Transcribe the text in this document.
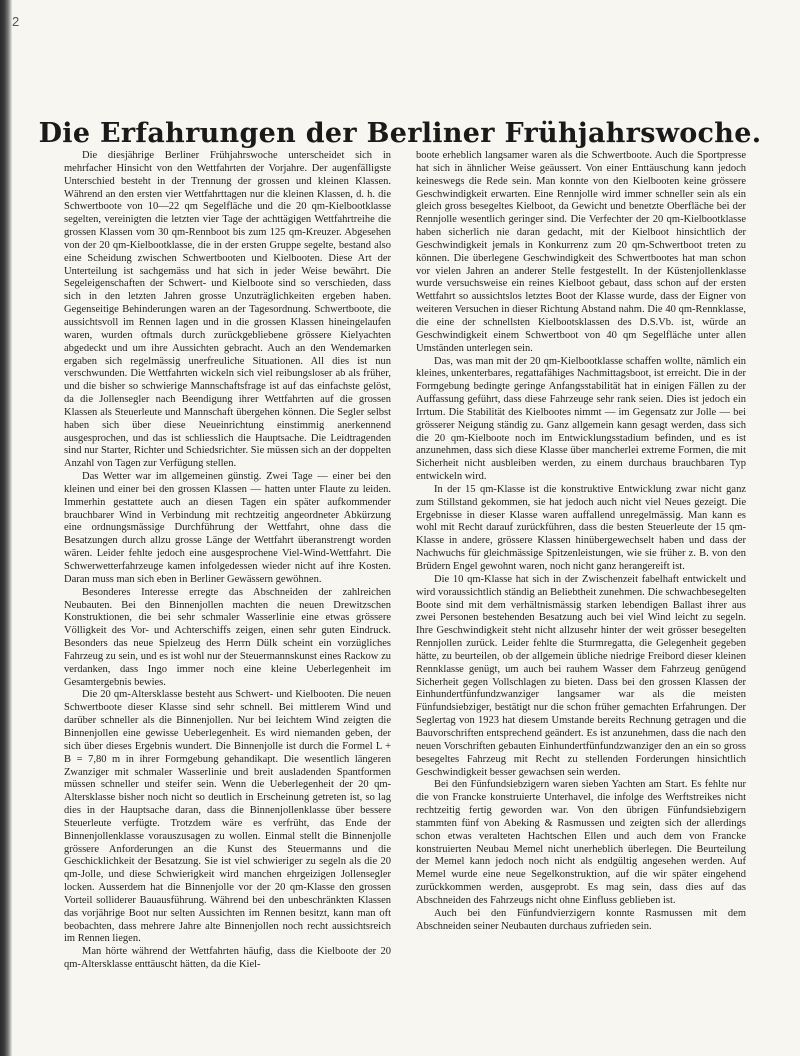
2
Die Erfahrungen der Berliner Frühjahrswoche.

Die diesjährige Berliner Frühjahrswoche unterscheidet sich in mehrfacher Hinsicht von den Wettfahrten der Vorjahre. Der augenfälligste Unterschied besteht in der Trennung der grossen und kleinen Klassen. Während an den ersten vier Wettfahrttagen nur die kleinen Klassen, d. h. die Schwertboote von 10—22 qm Segelfläche und die 20 qm-Kielbootklasse segelten, vereinigten die letzten vier Tage der achttägigen Wettfahrtreihe die grossen Klassen vom 30 qm-Rennboot bis zum 125 qm-Kreuzer. Abgesehen von der 20 qm-Kielbootklasse, die in der ersten Gruppe segelte, bestand also eine Scheidung zwischen Schwertbooten und Kielbooten. Diese Art der Unterteilung ist sachgemäss und hat sich in jeder Weise bewährt. Die Segeleigenschaften der Schwert- und Kielboote sind so verschieden, dass sich in den letzten Jahren grosse Unzuträglichkeiten ergeben haben. Gegenseitige Behinderungen waren an der Tagesordnung. Schwertboote, die aussichtsvoll im Rennen lagen und in die grossen Klassen hineingelaufen waren, wurden oftmals durch zurückgebliebene grössere Kielyachten abgedeckt und um ihre Aussichten gebracht. Auch an den Wendemarken ergaben sich regelmässig unerfreuliche Situationen. All dies ist nun verschwunden. Die Wettfahrten wickeln sich viel reibungsloser ab als früher, und die bisher so schwierige Mannschaftsfrage ist auf das einfachste gelöst, da die Jollensegler nach Beendigung ihrer Wettfahrten auf die grossen Klassen als Steuerleute und Mannschaft übergehen können. Die Segler selbst haben sich über diese Neueinrichtung einstimmig anerkennend ausgesprochen, und das ist schliesslich die Hauptsache. Die Leidtragenden sind nur Starter, Richter und Schiedsrichter. Sie müssen sich an der doppelten Anzahl von Tagen zur Verfügung stellen.

Das Wetter war im allgemeinen günstig. Zwei Tage — einer bei den kleinen und einer bei den grossen Klassen — hatten unter Flaute zu leiden. Immerhin gestattete auch an diesen Tagen ein später aufkommender brauchbarer Wind in Verbindung mit rechtzeitig angeordneter Abkürzung eine ordnungsmässige Durchführung der Wettfahrt, ohne dass die Besatzungen durch allzu grosse Länge der Wettfahrt überanstrengt worden wären. Leider fehlte jedoch eine ausgesprochene Viel-Wind-Wettfahrt. Die Schwerwetterfahrzeuge kamen infolgedessen wieder nicht auf ihre Kosten. Daran muss man sich eben in Berliner Gewässern gewöhnen.

Besonderes Interesse erregte das Abschneiden der zahlreichen Neubauten. Bei den Binnenjollen machten die neuen Drewitzschen Konstruktionen, die bei sehr schmaler Wasserlinie eine etwas grössere Völligkeit des Vor- und Achterschiffs zeigen, einen sehr guten Eindruck. Besonders das neue Spielzeug des Herrn Dülk scheint ein vorzügliches Fahrzeug zu sein, und es ist wohl nur der Steuermannskunst eines Rackow zu verdanken, dass Ingo immer noch eine kleine Ueberlegenheit im Gesamtergebnis bewies.

Die 20 qm-Altersklasse besteht aus Schwert- und Kielbooten. Die neuen Schwertboote dieser Klasse sind sehr schnell. Bei mittlerem Wind und darüber schneller als die Binnenjollen. Nur bei leichtem Wind zeigten die Binnenjollen eine gewisse Ueberlegenheit. Es wird niemanden geben, der sich über dieses Ergebnis wundert. Die Binnenjolle ist durch die Formel L + B = 7,80 m in ihrer Formgebung gehandikapt. Die wesentlich längeren Zwanziger mit schmaler Wasserlinie und breit ausladenden Spantformen müssen schneller und steifer sein. Wenn die Ueberlegenheit der 20 qm-Altersklasse bisher noch nicht so deutlich in Erscheinung getreten ist, so lag dies in der Hauptsache daran, dass die Binnenjollenklasse über bessere Steuerleute verfügte. Trotzdem wäre es verfrüht, das Ende der Binnenjollenklasse vorauszusagen zu wollen. Einmal stellt die Binnenjolle grössere Anforderungen an die Kunst des Steuermanns und die Geschicklichkeit der Besatzung. Sie ist viel schwieriger zu segeln als die 20 qm-Jolle, und diese Schwierigkeit wird manchen ehrgeizigen Jollensegler locken. Ausserdem hat die Binnenjolle vor der 20 qm-Klasse den grossen Vorteil solliderer Bauausführung. Während bei den unbeschränkten Klassen das vorjährige Boot nur selten Aussichten im Rennen besitzt, kann man oft beobachten, dass mehrere Jahre alte Binnenjollen noch recht aussichtsreich im Rennen liegen.

Man hörte während der Wettfahrten häufig, dass die Kielboote der 20 qm-Altersklasse enttäuscht hätten, da die Kiel-

boote erheblich langsamer waren als die Schwertboote. Auch die Sportpresse hat sich in ähnlicher Weise geäussert. Von einer Enttäuschung kann jedoch keineswegs die Rede sein. Man konnte von den Kielbooten keine grössere Geschwindigkeit erwarten. Eine Rennjolle wird immer schneller sein als ein gleich gross besegeltes Kielboot, da Gewicht und benetzte Oberfläche bei der Rennjolle wesentlich geringer sind. Die Verfechter der 20 qm-Kielbootklasse haben sicherlich nie daran gedacht, mit der Kielboot hinsichtlich der Geschwindigkeit jemals in Konkurrenz zum 20 qm-Schwertboot treten zu können. Die überlegene Geschwindigkeit des Schwertbootes hat man schon vor vielen Jahren an anderer Stelle festgestellt. In der Küstenjollenklasse wurde versuchsweise ein reines Kielboot gebaut, dass schon auf der ersten Wettfahrt so aussichtslos letztes Boot der Klasse wurde, dass der Eigner von weiteren Versuchen in dieser Richtung Abstand nahm. Die 40 qm-Rennklasse, die eine der schnellsten Kielbootsklassen des D.S.Vb. ist, würde an Geschwindigkeit einem Schwertboot von 40 qm Segelfläche unter allen Umständen unterlegen sein.

Das, was man mit der 20 qm-Kielbootklasse schaffen wollte, nämlich ein kleines, unkenterbares, regattafähiges Nachmittagsboot, ist erreicht. Die in der Formgebung bedingte geringe Anfangsstabilität hat in einigen Fällen zu der Auffassung geführt, dass diese Fahrzeuge sehr rank seien. Dies ist jedoch ein Irrtum. Die Stabilität des Kielbootes nimmt — im Gegensatz zur Jolle — bei grösserer Neigung ständig zu. Ganz allgemein kann gesagt werden, dass sich die 20 qm-Kielboote noch im Entwicklungsstadium befinden, und es ist anzunehmen, dass sich diese Klasse über mancherlei extreme Formen, die mit Sicherheit nicht ausbleiben werden, zu einem durchaus brauchbaren Typ entwickeln wird.

In der 15 qm-Klasse ist die konstruktive Entwicklung zwar nicht ganz zum Stillstand gekommen, sie hat jedoch auch nicht viel Neues gezeigt. Die Ergebnisse in dieser Klasse waren auffallend unregelmässig. Man kann es wohl mit Recht darauf zurückführen, dass die besten Steuerleute der 15 qm-Klasse in andere, grössere Klassen hinübergewechselt haben und dass der Nachwuchs für gleichmässige Spitzenleistungen, wie sie früher z. B. von den Brüdern Engel gewohnt waren, noch nicht ganz herangereift ist.

Die 10 qm-Klasse hat sich in der Zwischenzeit fabelhaft entwickelt und wird voraussichtlich ständig an Beliebtheit zunehmen. Die schwachbesegelten Boote sind mit dem verhältnismässig starken lebendigen Ballast ihrer aus zwei Personen bestehenden Besatzung auch bei viel Wind leicht zu segeln. Ihre Geschwindigkeit steht nicht allzusehr hinter der weit grösser besegelten Rennjollen zurück. Leider fehlte die Sturmregatta, die Gelegenheit gegeben hätte, zu beurteilen, ob der allgemein übliche niedrige Freibord dieser kleinen Rennklasse genügt, um auch bei rauhem Wasser dem Fahrzeug genügend Sicherheit gegen Vollschlagen zu bieten. Dass bei den grossen Klassen der Einhundertfünfundzwanziger langsamer war als die meisten Fünfundsiebziger, bestätigt nur die schon früher gemachten Erfahrungen. Der Seglertag von 1923 hat diesem Umstande bereits Rechnung getragen und die Bauvorschriften entsprechend geändert. Es ist anzunehmen, dass die nach den neuen Vorschriften gebauten Einhundertfünfundzwanziger den an ein so gross besegeltes Fahrzeug mit Recht zu stellenden Forderungen hinsichtlich Geschwindigkeit besser gewachsen sein werden.

Bei den Fünfundsiebzigern waren sieben Yachten am Start. Es fehlte nur die von Francke konstruierte Unterhavel, die infolge des Werftstreikes nicht rechtzeitig fertig geworden war. Von den übrigen Fünfundsiebzigern stammten fünf von Abeking & Rasmussen und zeigten sich der allerdings schon etwas veralteten Hachtschen Ellen und auch dem von Francke konstruierten Neubau Memel nicht unerheblich überlegen. Die Beurteilung der Memel kann jedoch noch nicht als endgültig angesehen werden. Auf Memel wurde eine neue Segelkonstruktion, auf die wir später eingehend zurückkommen werden, ausgeprobt. Es mag sein, dass dies auf das Abschneiden des Fahrzeugs nicht ohne Einfluss geblieben ist.

Auch bei den Fünfundvierzigern konnte Rasmussen mit dem Abschneiden seiner Neubauten durchaus zufrieden sein.
